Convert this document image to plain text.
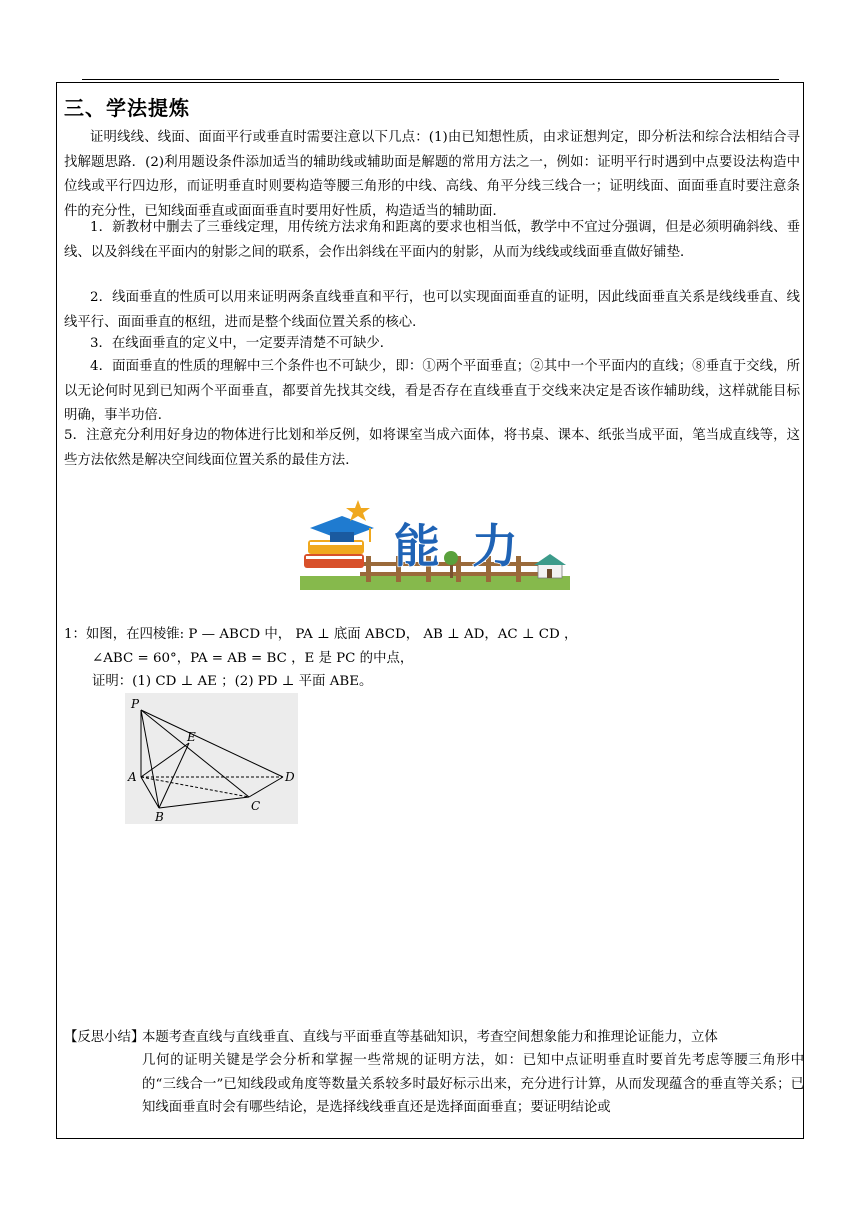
三、学法提炼

证明线线、线面、面面平行或垂直时需要注意以下几点：(1)由已知想性质，由求证想判定，即分析法和综合法相结合寻找解题思路．(2)利用题设条件添加适当的辅助线或辅助面是解题的常用方法之一，例如：证明平行时遇到中点要设法构造中位线或平行四边形，而证明垂直时则要构造等腰三角形的中线、高线、角平分线三线合一；证明线面、面面垂直时要注意条件的充分性，已知线面垂直或面面垂直时要用好性质，构造适当的辅助面．

1．新教材中删去了三垂线定理，用传统方法求角和距离的要求也相当低，教学中不宜过分强调，但是必须明确斜线、垂线、以及斜线在平面内的射影之间的联系，会作出斜线在平面内的射影，从而为线线或线面垂直做好铺垫．

2．线面垂直的性质可以用来证明两条直线垂直和平行，也可以实现面面垂直的证明，因此线面垂直关系是线线垂直、线线平行、面面垂直的枢纽，进而是整个线面位置关系的核心．

3．在线面垂直的定义中，一定要弄清楚不可缺少．

4．面面垂直的性质的理解中三个条件也不可缺少，即：①两个平面垂直；②其中一个平面内的直线；⑧垂直于交线，所以无论何时见到已知两个平面垂直，都要首先找其交线，看是否存在直线垂直于交线来决定是否该作辅助线，这样就能目标明确，事半功倍．

5．注意充分利用好身边的物体进行比划和举反例，如将课室当成六面体，将书桌、课本、纸张当成平面，笔当成直线等，这些方法依然是解决空间线面位置关系的最佳方法．

能 力

1：如图，在四棱锥: P — ABCD 中， PA ⊥ 底面 ABCD， AB ⊥ AD，AC ⊥ CD ，

∠ABC = 60°，PA = AB = BC ，E 是 PC 的中点，

证明：(1) CD ⊥ AE ；(2) PD ⊥ 平面 ABE。

P
E
A	D
B
C
【反思小结】

本题考查直线与直线垂直、直线与平面垂直等基础知识，考查空间想象能力和推理论证能力，立体

几何的证明关键是学会分析和掌握一些常规的证明方法，如：已知中点证明垂直时要首先考虑等腰三角形中的“三线合一”已知线段或角度等数量关系较多时最好标示出来，充分进行计算，从而发现蕴含的垂直等关系；已知线面垂直时会有哪些结论，是选择线线垂直还是选择面面垂直；要证明结论或
